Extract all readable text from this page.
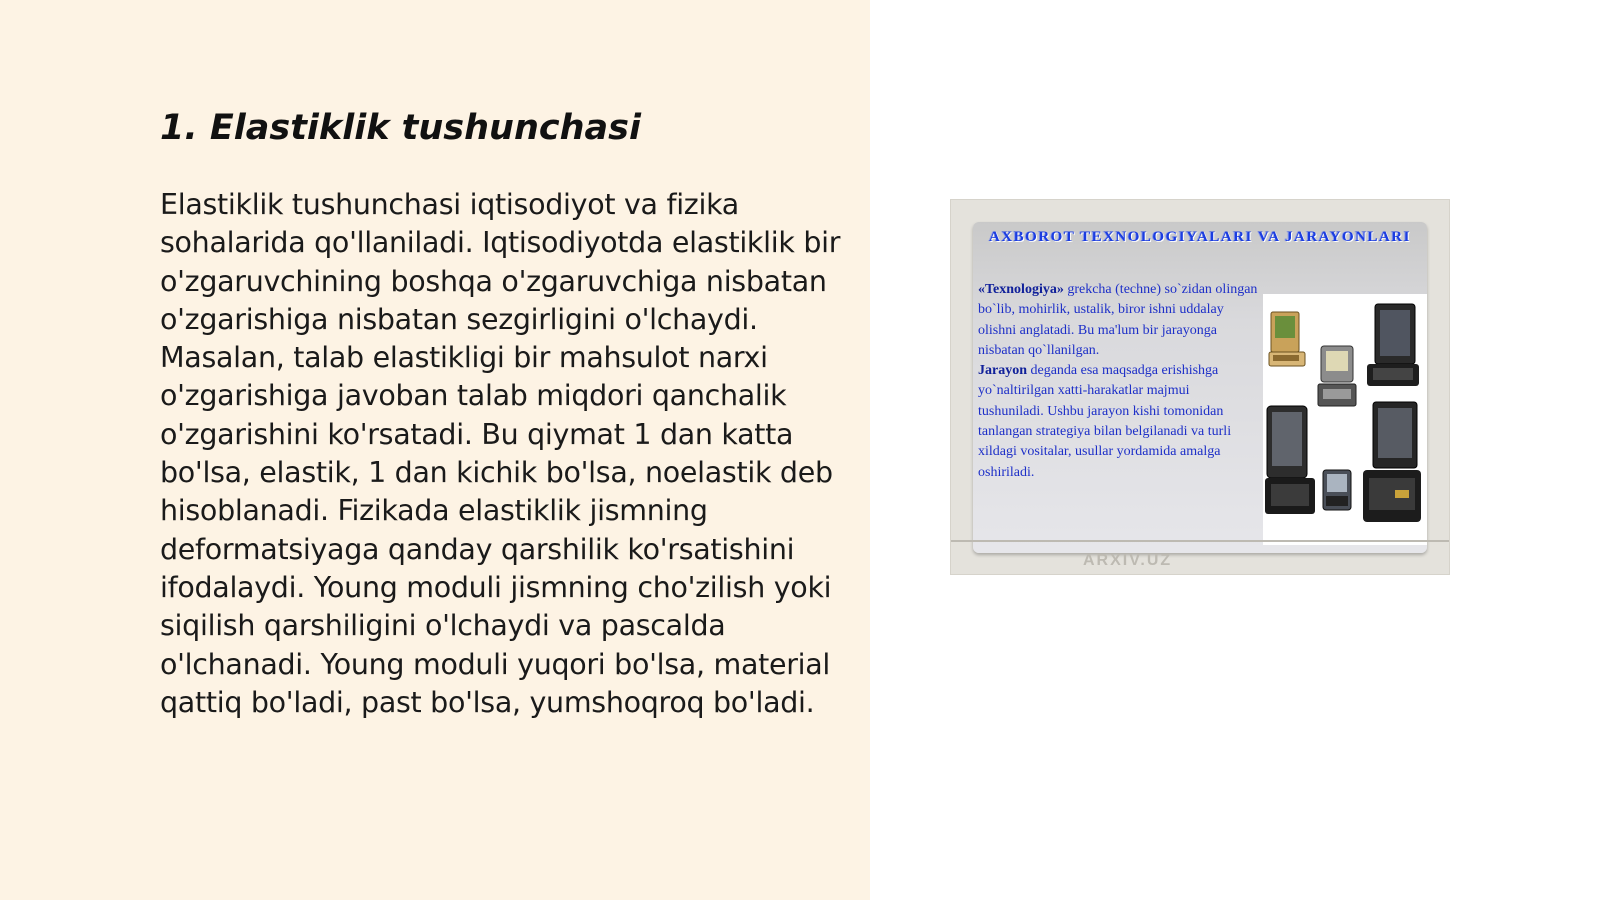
1. Elastiklik tushunchasi

Elastiklik tushunchasi iqtisodiyot va fizika sohalarida qo'llaniladi. Iqtisodiyotda elastiklik bir o'zgaruvchining boshqa o'zgaruvchiga nisbatan o'zgarishiga nisbatan sezgirligini o'lchaydi. Masalan, talab elastikligi bir mahsulot narxi o'zgarishiga javoban talab miqdori qanchalik o'zgarishini ko'rsatadi. Bu qiymat 1 dan katta bo'lsa, elastik, 1 dan kichik bo'lsa, noelastik deb hisoblanadi. Fizikada elastiklik jismning deformatsiyaga qanday qarshilik ko'rsatishini ifodalaydi. Young moduli jismning cho'zilish yoki siqilish qarshiligini o'lchaydi va pascalda o'lchanadi. Young moduli yuqori bo'lsa, material qattiq bo'ladi, past bo'lsa, yumshoqroq bo'ladi.

AXBOROT TEXNOLOGIYALARI VA JARAYONLARI

«Texnologiya» grekcha (techne) so`zidan olingan bo`lib, mohirlik, ustalik, biror ishni uddalay olishni anglatadi. Bu ma'lum bir jarayonga nisbatan qo`llanilgan.
Jarayon deganda esa maqsadga erishishga yo`naltirilgan xatti-harakatlar majmui tushuniladi. Ushbu jarayon kishi tomonidan tanlangan strategiya bilan belgilanadi va turli xildagi vositalar, usullar yordamida amalga oshiriladi.

ARXIV.UZ
